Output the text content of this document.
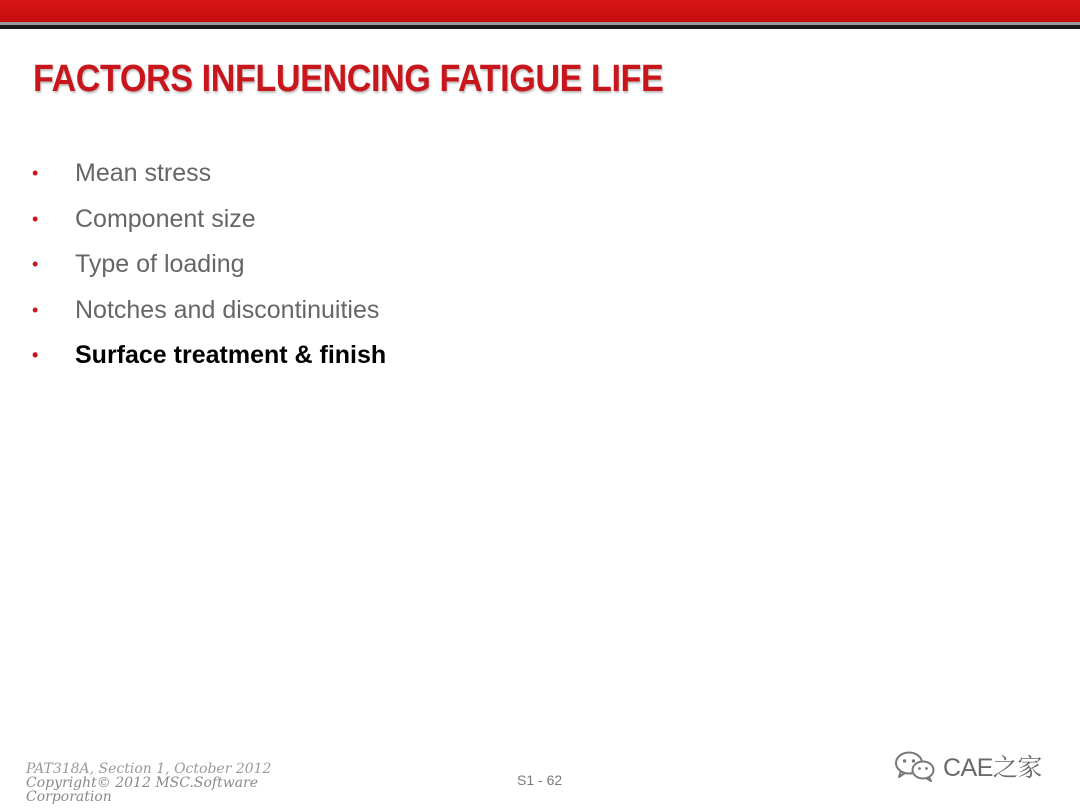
FACTORS INFLUENCING FATIGUE LIFE
•	Mean stress
•	Component size
•	Type of loading
•	Notches and discontinuities
•	Surface treatment & finish
PAT318A, Section 1, October 2012
Copyright© 2012 MSC.Software
Corporation
S1 - 62	CAE之家
